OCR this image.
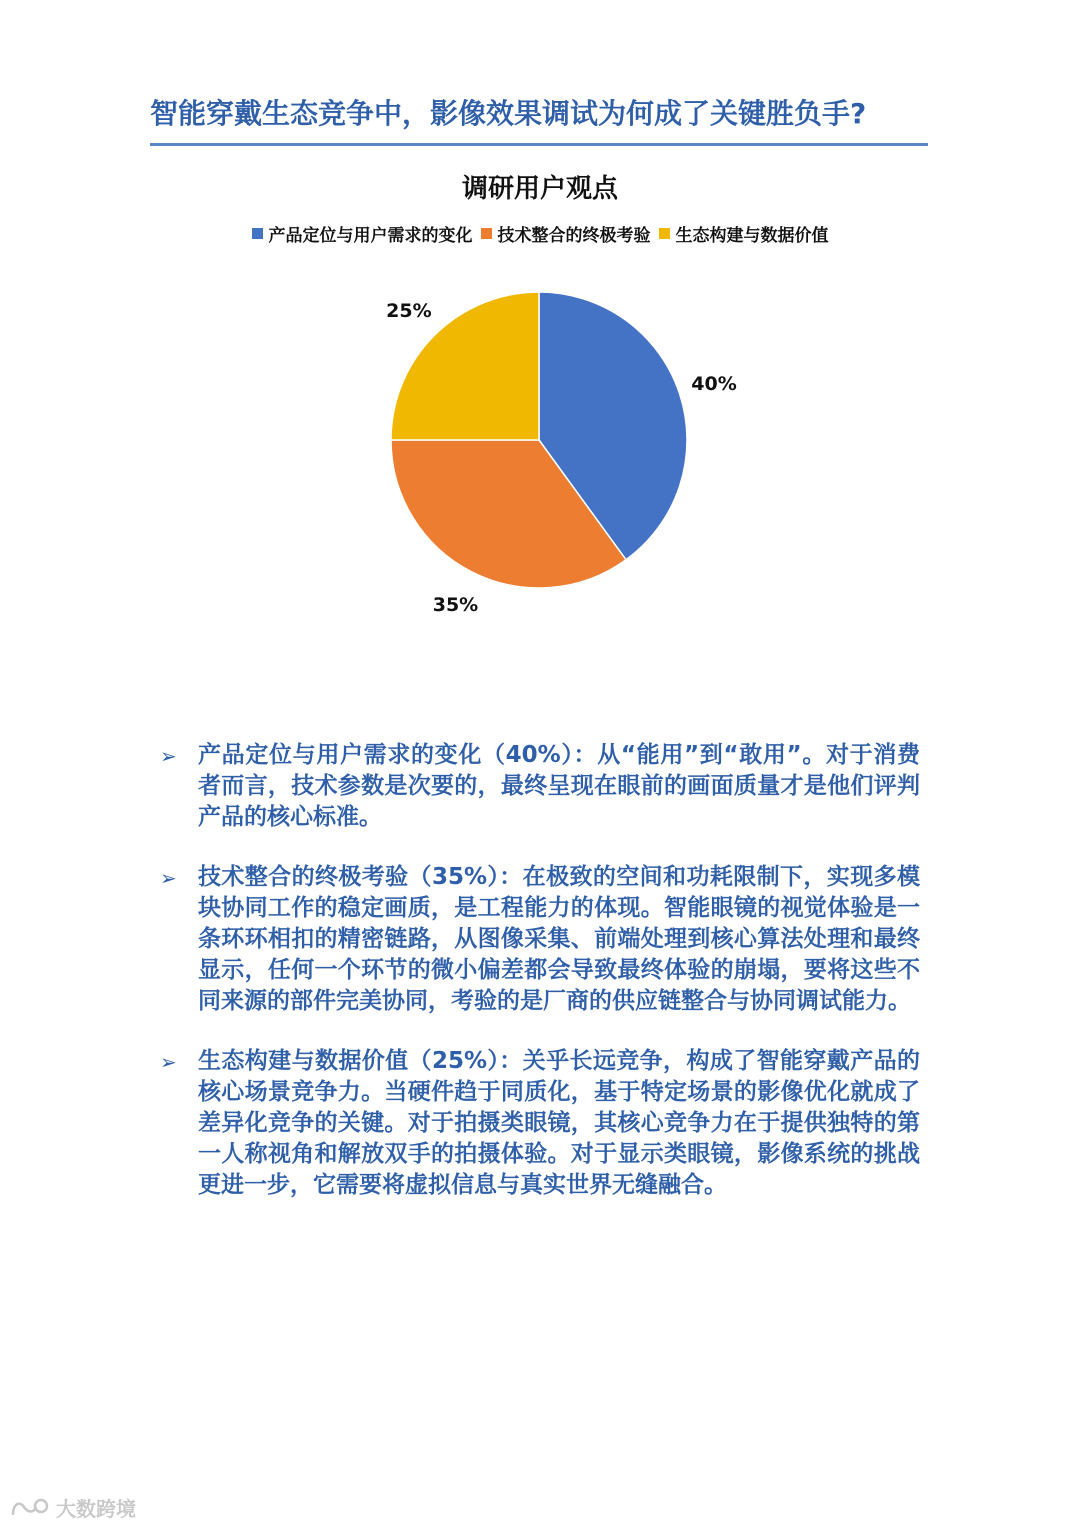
智能穿戴生态竞争中，影像效果调试为何成了关键胜负手?
调研用户观点
产品定位与用户需求的变化 技术整合的终极考验 生态构建与数据价值
40%
35%
25%
➢ 产品定位与用户需求的变化（40%）：从“能用”到“敢用”。对于消费者而言，技术参数是次要的，最终呈现在眼前的画面质量才是他们评判产品的核心标准。
➢ 技术整合的终极考验（35%）：在极致的空间和功耗限制下，实现多模块协同工作的稳定画质，是工程能力的体现。智能眼镜的视觉体验是一条环环相扣的精密链路，从图像采集、前端处理到核心算法处理和最终显示，任何一个环节的微小偏差都会导致最终体验的崩塌，要将这些不同来源的部件完美协同，考验的是厂商的供应链整合与协同调试能力。
➢ 生态构建与数据价值（25%）：关乎长远竞争，构成了智能穿戴产品的核心场景竞争力。当硬件趋于同质化，基于特定场景的影像优化就成了差异化竞争的关键。对于拍摄类眼镜，其核心竞争力在于提供独特的第一人称视角和解放双手的拍摄体验。对于显示类眼镜，影像系统的挑战更进一步，它需要将虚拟信息与真实世界无缝融合。
大数跨境
